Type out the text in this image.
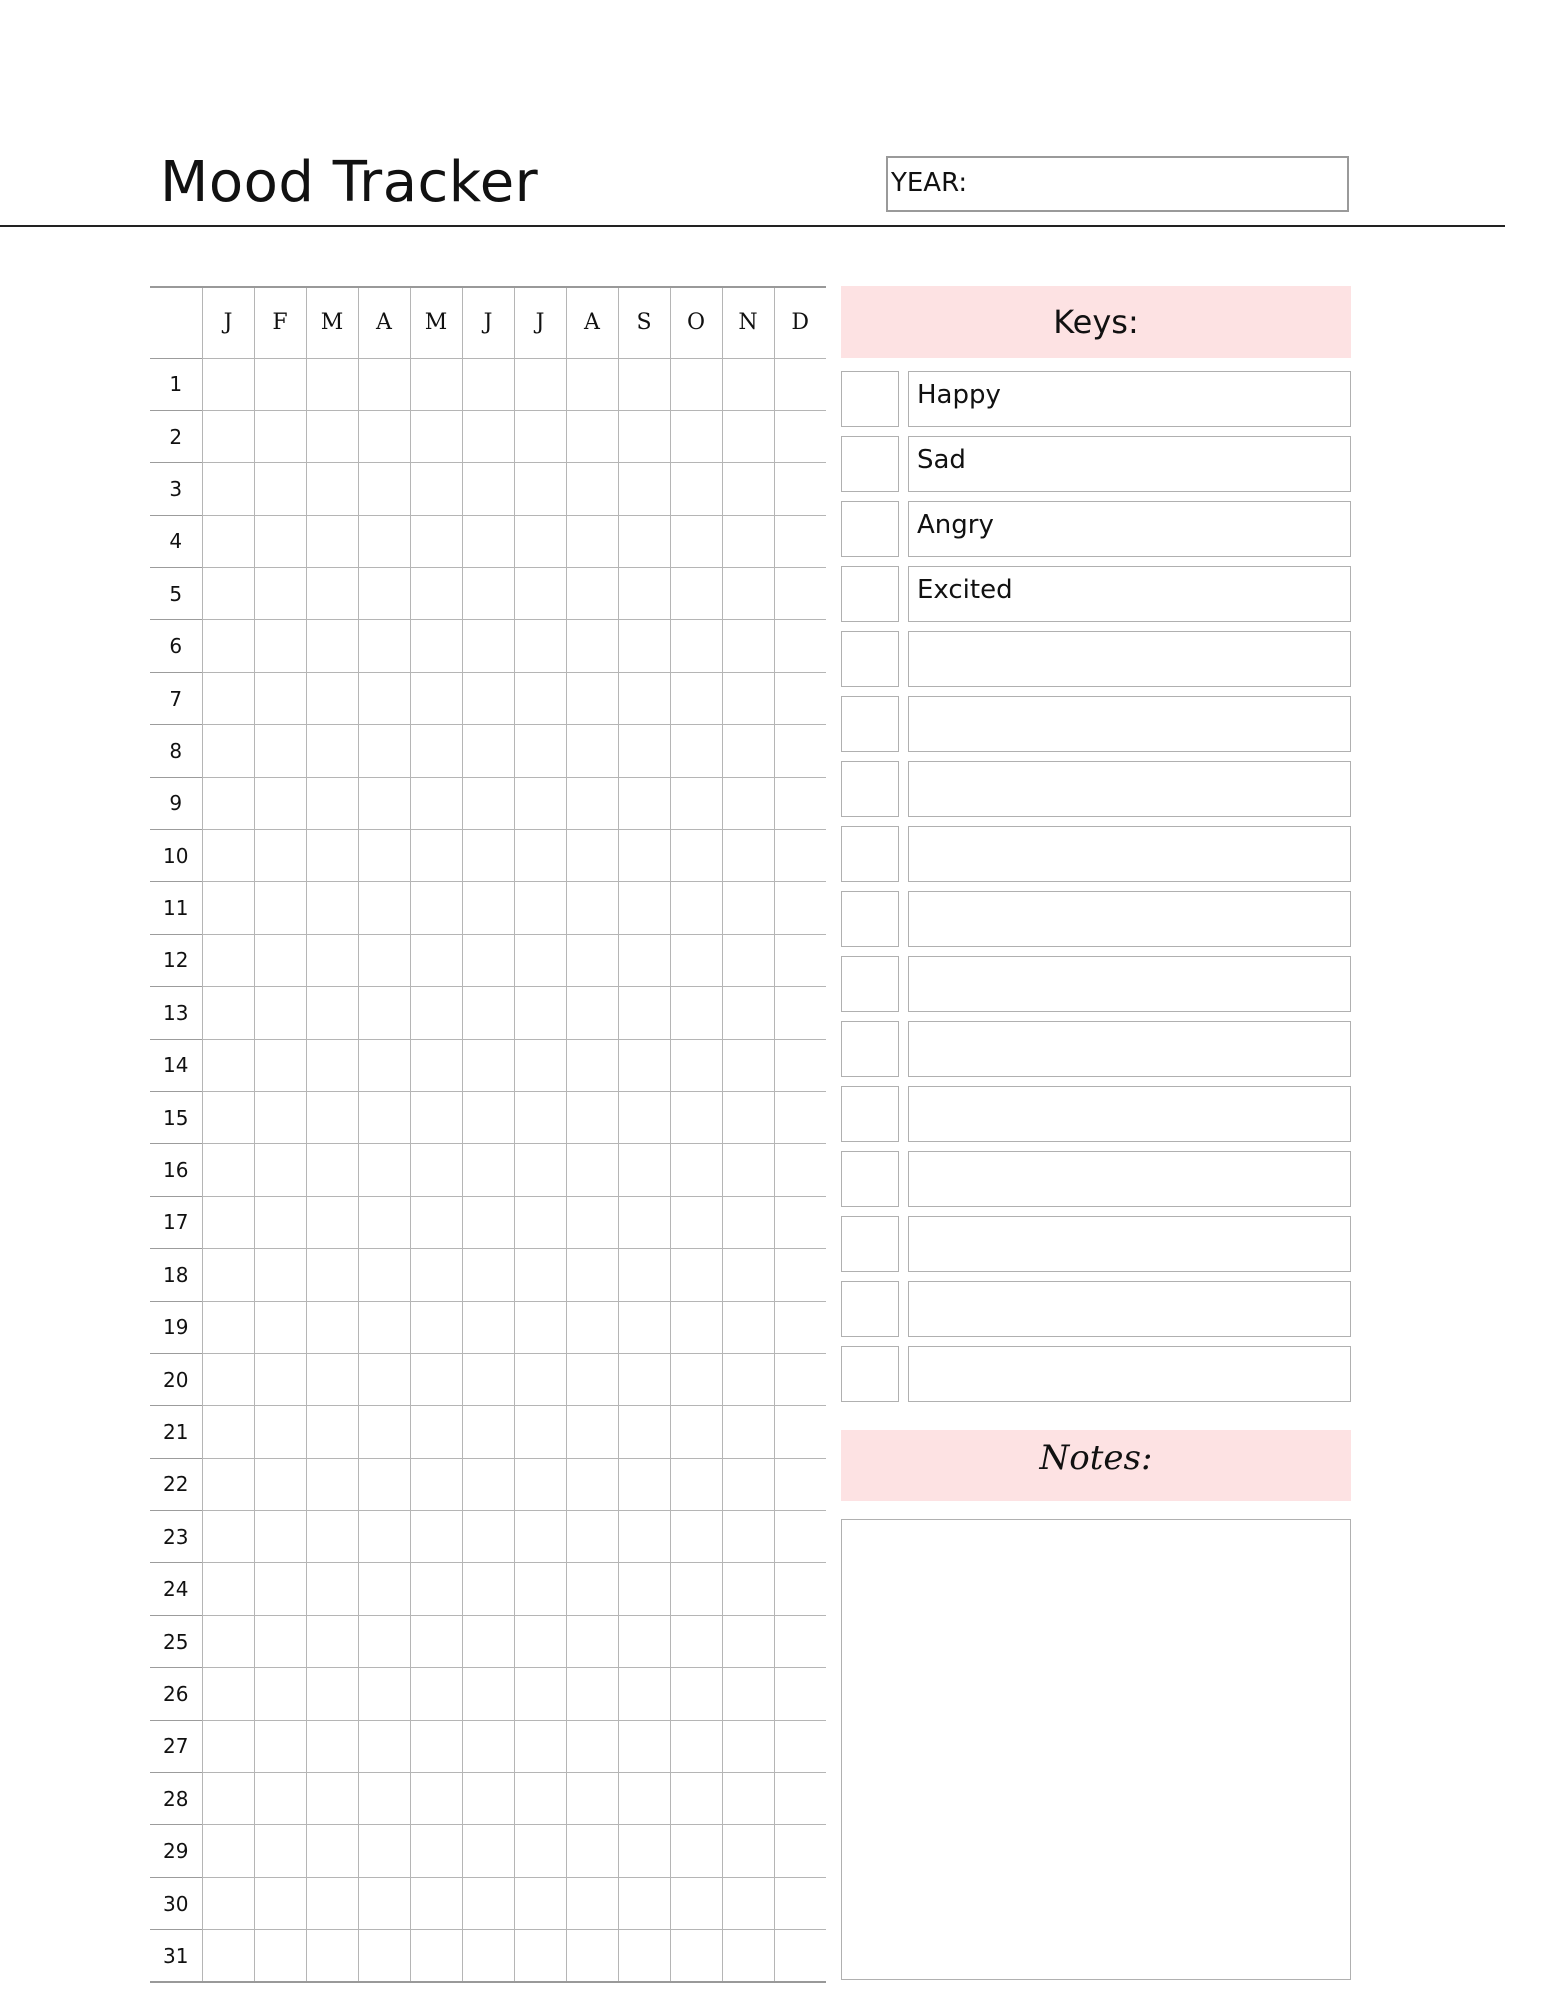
Mood Tracker	YEAR:
	J	F	M	A	M	J	J	A	S	O	N	D
1												
2												
3												
4												
5												
6												
7												
8												
9												
10												
11												
12												
13												
14												
15												
16												
17												
18												
19												
20												
21												
22												
23												
24												
25												
26												
27												
28												
29												
30												
31												
Keys:
Happy
Sad
Angry
Excited
Notes:
